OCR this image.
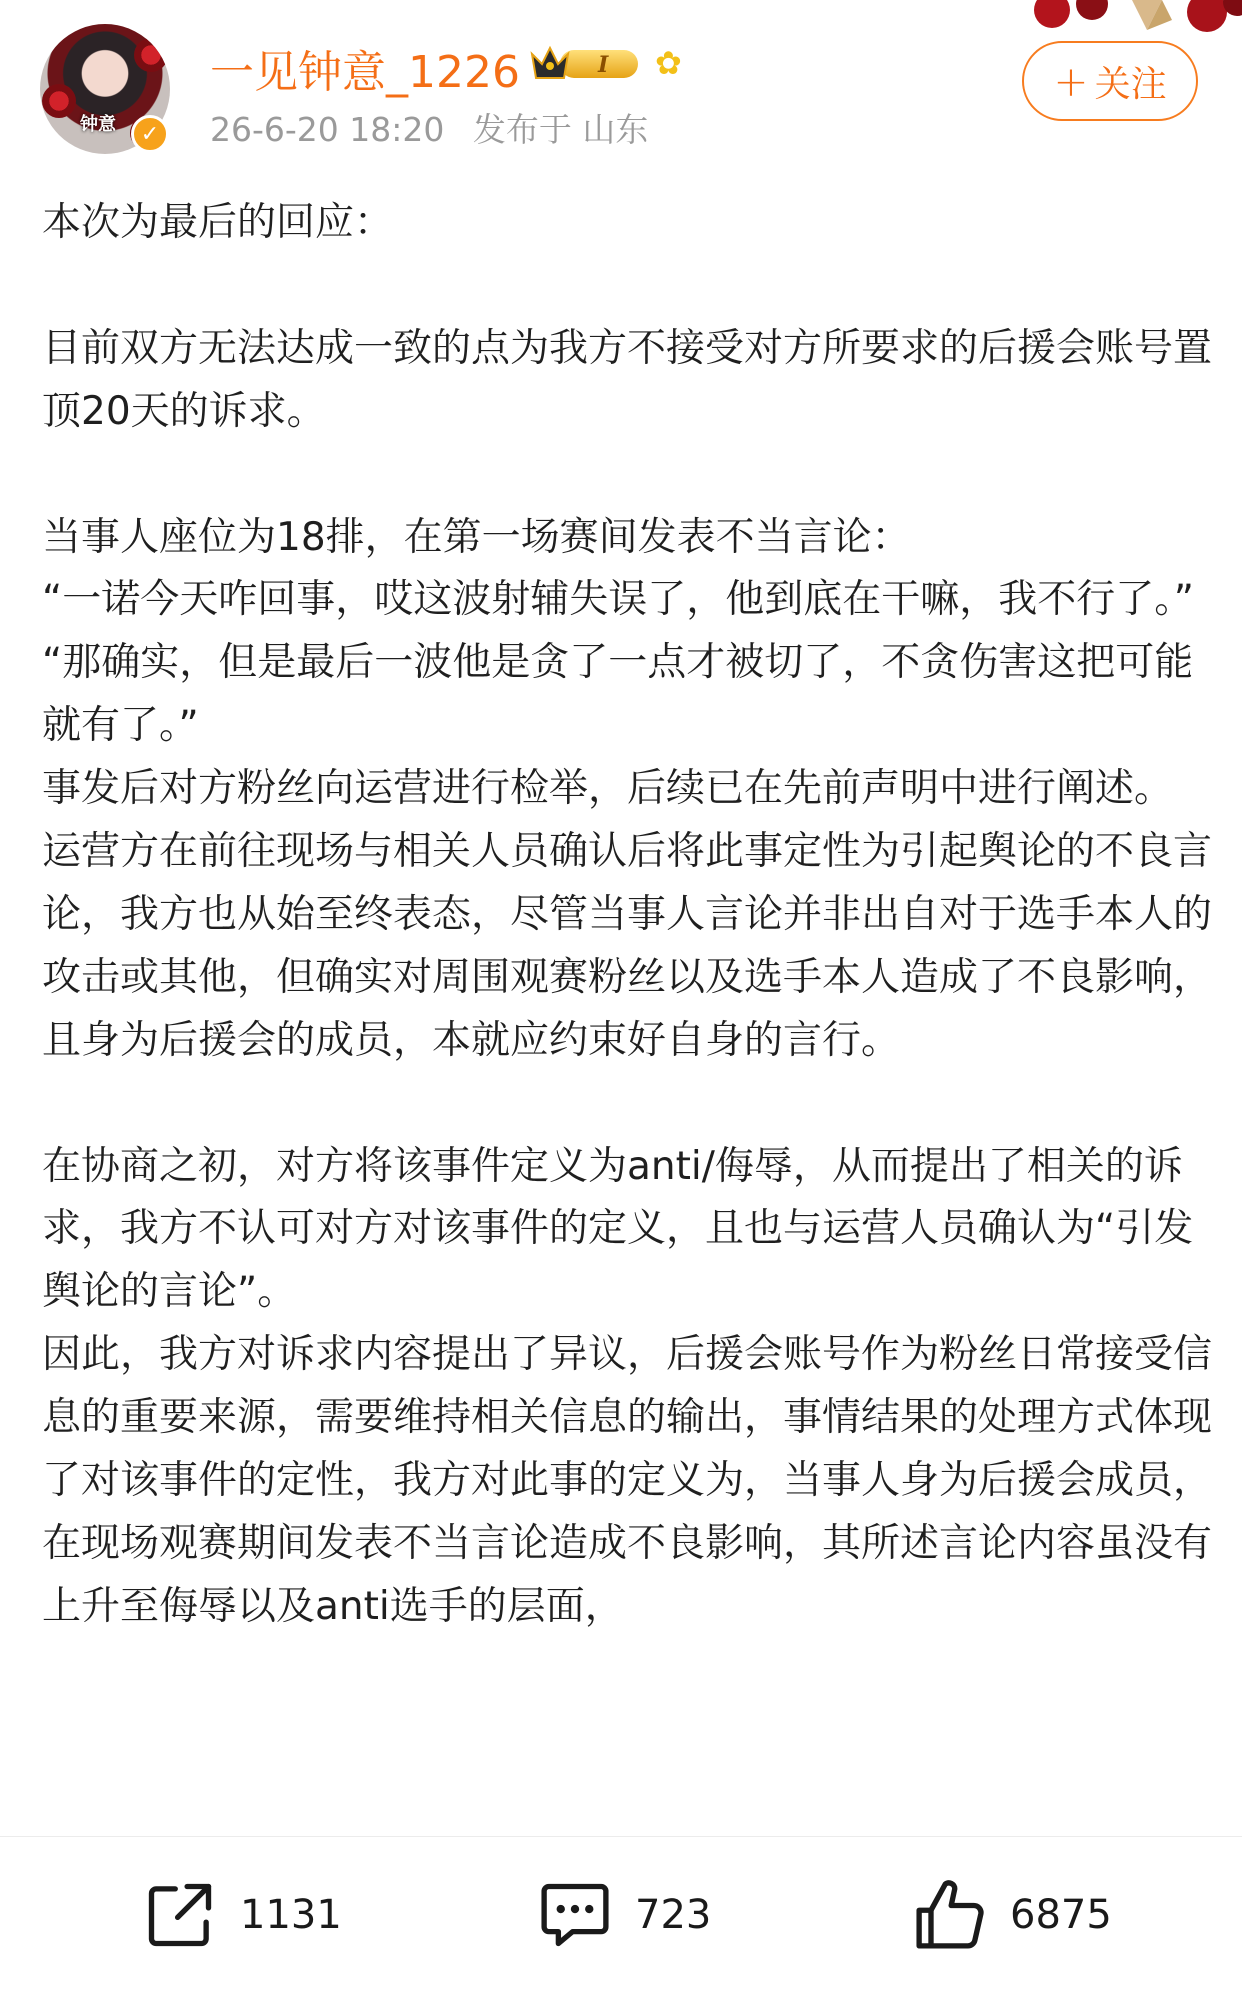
钟意	✓
一见钟意_1226	I ✿
26-6-20 18:20 发布于 山东
+ 关注

本次为最后的回应：

目前双方无法达成一致的点为我方不接受对方所要求的后援会账号置顶20天的诉求。

当事人座位为18排，在第一场赛间发表不当言论：

“一诺今天咋回事，哎这波射辅失误了，他到底在干嘛，我不行了。”

“那确实，但是最后一波他是贪了一点才被切了，不贪伤害这把可能就有了。”

事发后对方粉丝向运营进行检举，后续已在先前声明中进行阐述。

运营方在前往现场与相关人员确认后将此事定性为引起舆论的不良言论，我方也从始至终表态，尽管当事人言论并非出自对于选手本人的攻击或其他，但确实对周围观赛粉丝以及选手本人造成了不良影响，且身为后援会的成员，本就应约束好自身的言行。

在协商之初，对方将该事件定义为anti/侮辱，从而提出了相关的诉求，我方不认可对方对该事件的定义，且也与运营人员确认为“引发舆论的言论”。

因此，我方对诉求内容提出了异议，后援会账号作为粉丝日常接受信息的重要来源，需要维持相关信息的输出，事情结果的处理方式体现了对该事件的定性，我方对此事的定义为，当事人身为后援会成员，在现场观赛期间发表不当言论造成不良影响，其所述言论内容虽没有上升至侮辱以及anti选手的层面，

1131	723	6875
